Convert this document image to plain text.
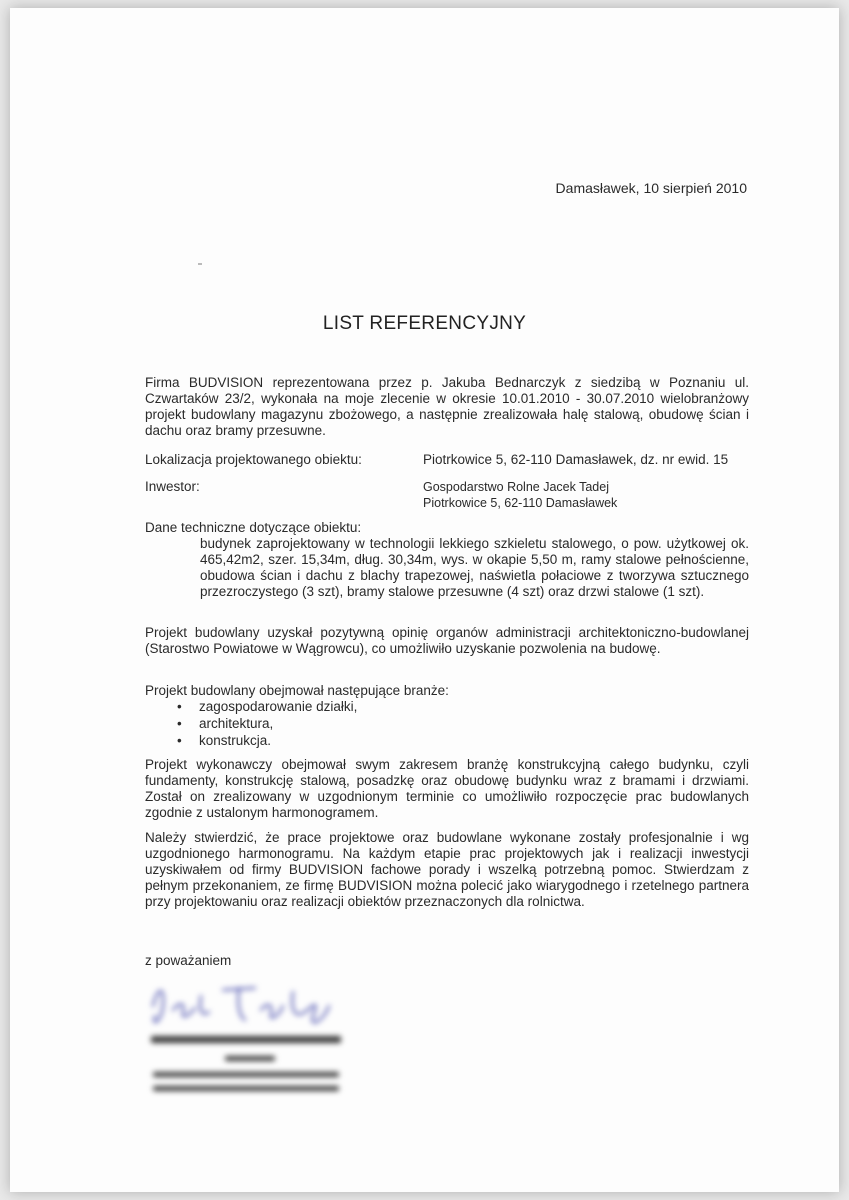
Damasławek, 10 sierpień 2010
LIST REFERENCYJNY
Firma BUDVISION reprezentowana przez p. Jakuba Bednarczyk z siedzibą w Poznaniu ul. Czwartaków 23/2, wykonała na moje zlecenie w okresie 10.01.2010 - 30.07.2010 wielobranżowy projekt budowlany magazynu zbożowego, a następnie zrealizowała halę stalową, obudowę ścian i dachu oraz bramy przesuwne.
Lokalizacja projektowanego obiektu:	Piotrkowice 5, 62-110 Damasławek, dz. nr ewid. 15
Inwestor:	Gospodarstwo Rolne Jacek Tadej
Piotrkowice 5, 62-110 Damasławek
Dane techniczne dotyczące obiektu:
budynek zaprojektowany w technologii lekkiego szkieletu stalowego, o pow. użytkowej ok. 465,42m2, szer. 15,34m, dług. 30,34m, wys. w okapie 5,50 m, ramy stalowe pełnościenne, obudowa ścian i dachu z blachy trapezowej, naświetla połaciowe z tworzywa sztucznego przezroczystego (3 szt), bramy stalowe przesuwne (4 szt) oraz drzwi stalowe (1 szt).
Projekt budowlany uzyskał pozytywną opinię organów administracji architektoniczno-budowlanej (Starostwo Powiatowe w Wągrowcu), co umożliwiło uzyskanie pozwolenia na budowę.
Projekt budowlany obejmował następujące branże:
• zagospodarowanie działki,
• architektura,
• konstrukcja.
Projekt wykonawczy obejmował swym zakresem branżę konstrukcyjną całego budynku, czyli fundamenty, konstrukcję stalową, posadzkę oraz obudowę budynku wraz z bramami i drzwiami. Został on zrealizowany w uzgodnionym terminie co umożliwiło rozpoczęcie prac budowlanych zgodnie z ustalonym harmonogramem.
Należy stwierdzić, że prace projektowe oraz budowlane wykonane zostały profesjonalnie i wg uzgodnionego harmonogramu. Na każdym etapie prac projektowych jak i realizacji inwestycji uzyskiwałem od firmy BUDVISION fachowe porady i wszelką potrzebną pomoc. Stwierdzam z pełnym przekonaniem, ze firmę BUDVISION można polecić jako wiarygodnego i rzetelnego partnera przy projektowaniu oraz realizacji obiektów przeznaczonych dla rolnictwa.
z poważaniem
